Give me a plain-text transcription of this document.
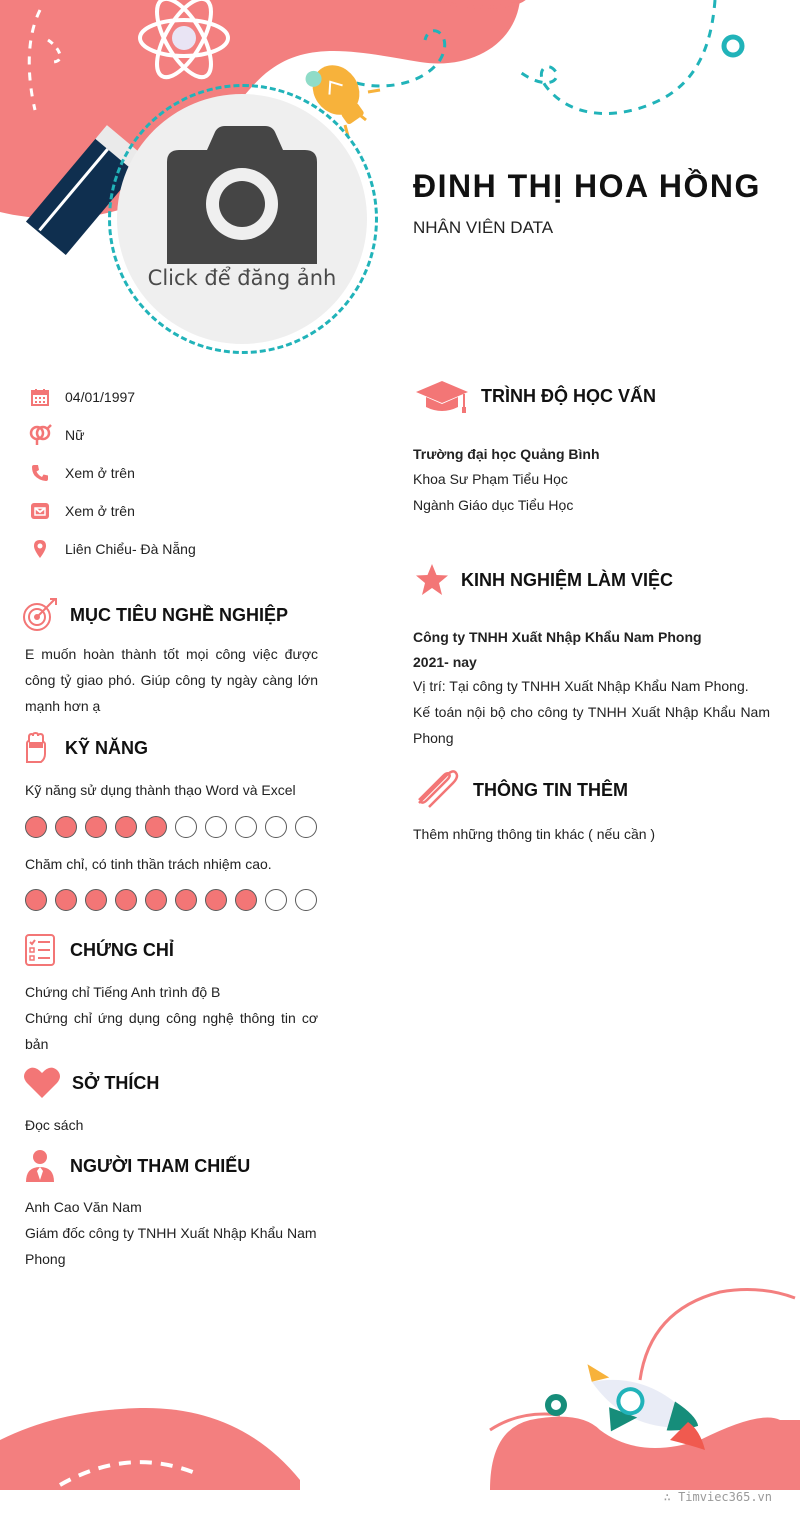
Click để đăng ảnh
ĐINH THỊ HOA HỒNG
NHÂN VIÊN DATA
04/01/1997
Nữ
Xem ở trên
Xem ở trên
Liên Chiểu- Đà Nẵng
MỤC TIÊU NGHỀ NGHIỆP
E muốn hoàn thành tốt mọi công việc được công tỷ giao phó. Giúp công ty ngày càng lớn mạnh hơn ạ
KỸ NĂNG
Kỹ năng sử dụng thành thạo Word và Excel
Chăm chỉ, có tinh thần trách nhiệm cao.
CHỨNG CHỈ
Chứng chỉ Tiếng Anh trình độ B
Chứng chỉ ứng dụng công nghệ thông tin cơ bản
SỞ THÍCH
Đọc sách
NGƯỜI THAM CHIẾU
Anh Cao Văn Nam
Giám đốc công ty TNHH Xuất Nhập Khẩu Nam Phong
TRÌNH ĐỘ HỌC VẤN
Trường đại học Quảng Bình
Khoa Sư Phạm Tiểu Học
Ngành Giáo dục Tiểu Học
KINH NGHIỆM LÀM VIỆC
Công ty TNHH Xuất Nhập Khẩu Nam Phong
2021- nay
Vị trí: Tại công ty TNHH Xuất Nhập Khẩu Nam Phong.
Kế toán nội bộ cho công ty TNHH Xuất Nhập Khẩu Nam Phong
THÔNG TIN THÊM
Thêm những thông tin khác ( nếu cần )
∴ Timviec365.vn
